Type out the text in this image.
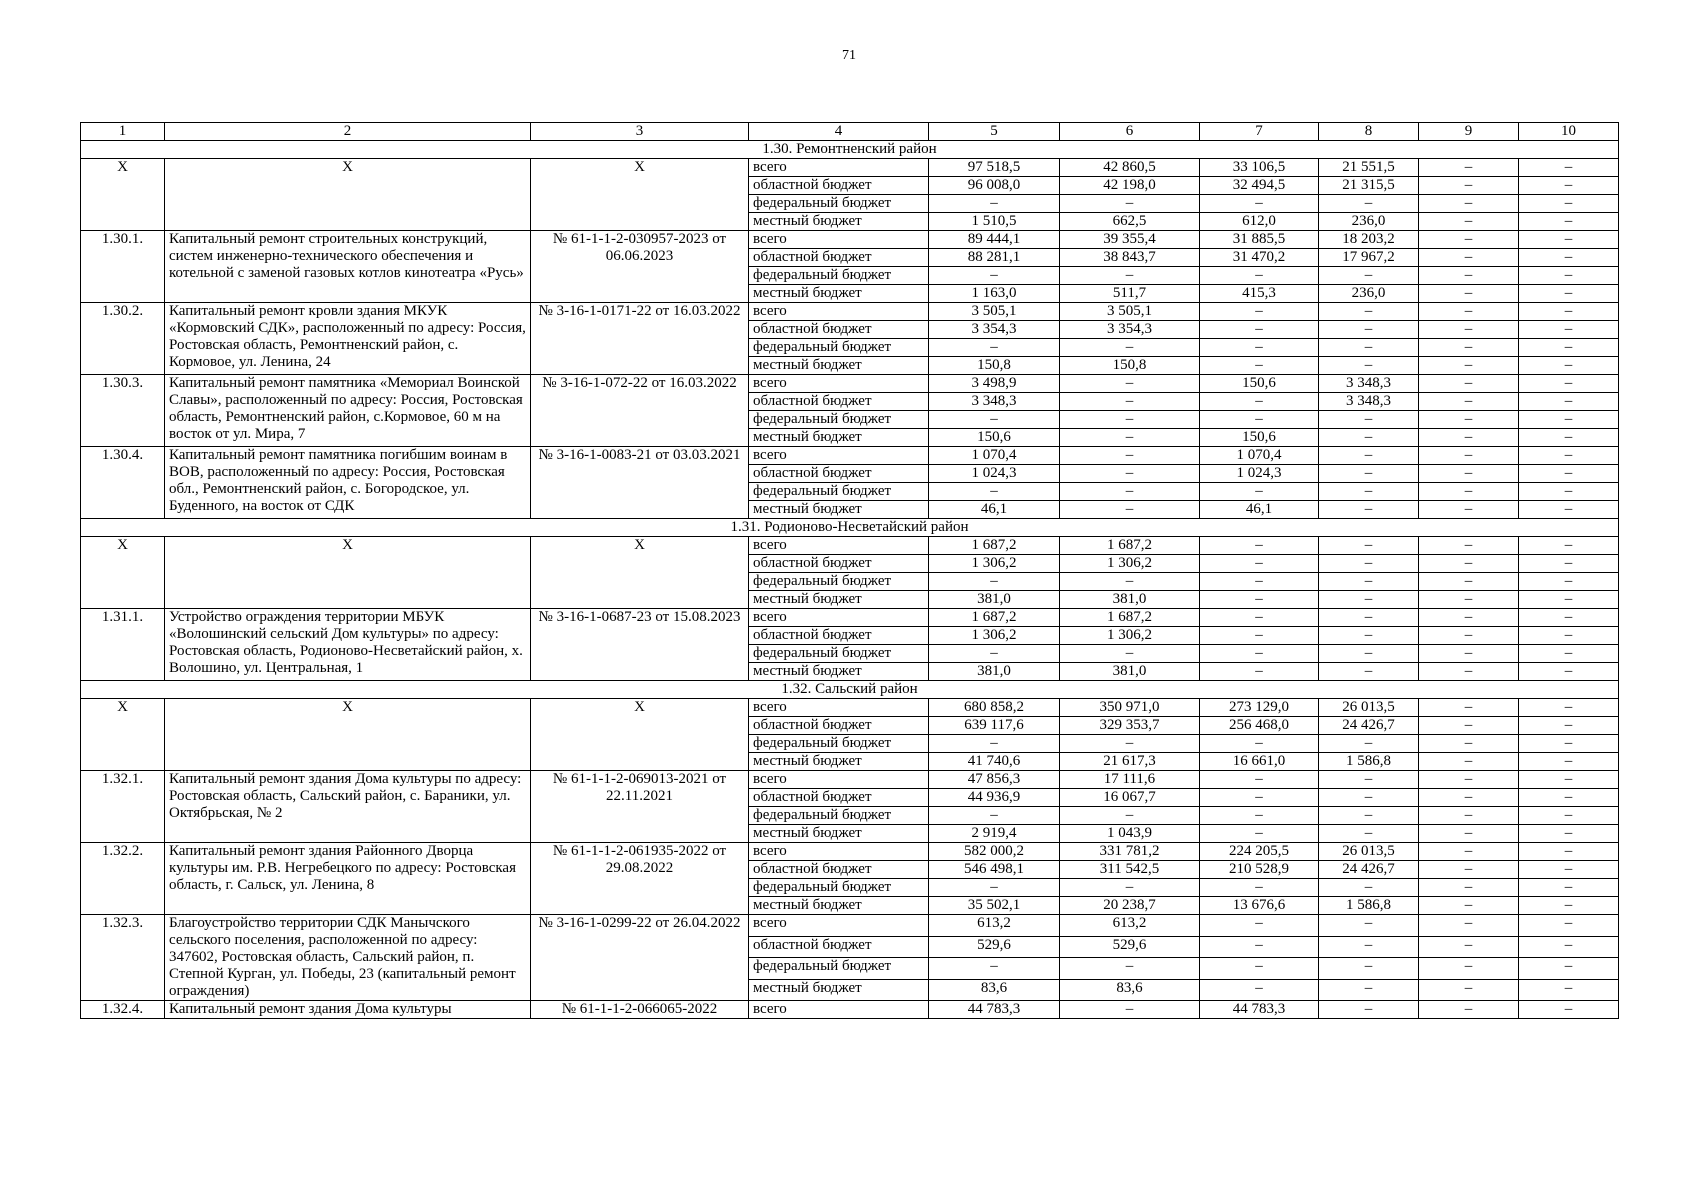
71
1	2	3	4	5	6	7	8	9	10
1.30. Ремонтненский район									
Х	Х	Х	всего	97 518,5	42 860,5	33 106,5	21 551,5	–	–
			областной бюджет	96 008,0	42 198,0	32 494,5	21 315,5	–	–
			федеральный бюджет	–	–	–	–	–	–
			местный бюджет	1 510,5	662,5	612,0	236,0	–	–
1.30.1.	Капитальный ремонт строительных конструкций, систем инженерно-технического обеспечения и котельной с заменой газовых котлов кинотеатра «Русь»	№ 61-1-1-2-030957-2023 от 06.06.2023	всего	89 444,1	39 355,4	31 885,5	18 203,2	–	–
			областной бюджет	88 281,1	38 843,7	31 470,2	17 967,2	–	–
			федеральный бюджет	–	–	–	–	–	–
			местный бюджет	1 163,0	511,7	415,3	236,0	–	–
1.30.2.	Капитальный ремонт кровли здания МКУК «Кормовский СДК», расположенный по адресу: Россия, Ростовская область, Ремонтненский район, с. Кормовое, ул. Ленина, 24	№ 3-16-1-0171-22 от 16.03.2022	всего	3 505,1	3 505,1	–	–	–	–
			областной бюджет	3 354,3	3 354,3	–	–	–	–
			федеральный бюджет	–	–	–	–	–	–
			местный бюджет	150,8	150,8	–	–	–	–
1.30.3.	Капитальный ремонт памятника «Мемориал Воинской Славы», расположенный по адресу: Россия, Ростовская область, Ремонтненский район, с.Кормовое, 60 м на восток от ул. Мира, 7	№ 3-16-1-072-22 от 16.03.2022	всего	3 498,9	–	150,6	3 348,3	–	–
			областной бюджет	3 348,3	–	–	3 348,3	–	–
			федеральный бюджет	–	–	–	–	–	–
			местный бюджет	150,6	–	150,6	–	–	–
1.30.4.	Капитальный ремонт памятника погибшим воинам в ВОВ, расположенный по адресу: Россия, Ростовская обл., Ремонтненский район, с. Богородское, ул. Буденного, на восток от СДК	№ 3-16-1-0083-21 от 03.03.2021	всего	1 070,4	–	1 070,4	–	–	–
			областной бюджет	1 024,3	–	1 024,3	–	–	–
			федеральный бюджет	–	–	–	–	–	–
			местный бюджет	46,1	–	46,1	–	–	–
1.31. Родионово-Несветайский район									
Х	Х	Х	всего	1 687,2	1 687,2	–	–	–	–
			областной бюджет	1 306,2	1 306,2	–	–	–	–
			федеральный бюджет	–	–	–	–	–	–
			местный бюджет	381,0	381,0	–	–	–	–
1.31.1.	Устройство ограждения территории МБУК «Волошинский сельский Дом культуры» по адресу: Ростовская область, Родионово-Несветайский район, х. Волошино, ул. Центральная, 1	№ 3-16-1-0687-23 от 15.08.2023	всего	1 687,2	1 687,2	–	–	–	–
			областной бюджет	1 306,2	1 306,2	–	–	–	–
			федеральный бюджет	–	–	–	–	–	–
			местный бюджет	381,0	381,0	–	–	–	–
1.32. Сальский район									
Х	Х	Х	всего	680 858,2	350 971,0	273 129,0	26 013,5	–	–
			областной бюджет	639 117,6	329 353,7	256 468,0	24 426,7	–	–
			федеральный бюджет	–	–	–	–	–	–
			местный бюджет	41 740,6	21 617,3	16 661,0	1 586,8	–	–
1.32.1.	Капитальный ремонт здания Дома культуры по адресу: Ростовская область, Сальский район, с. Бараники, ул. Октябрьская, № 2	№ 61-1-1-2-069013-2021 от 22.11.2021	всего	47 856,3	17 111,6	–	–	–	–
			областной бюджет	44 936,9	16 067,7	–	–	–	–
			федеральный бюджет	–	–	–	–	–	–
			местный бюджет	2 919,4	1 043,9	–	–	–	–
1.32.2.	Капитальный ремонт здания Районного Дворца культуры им. Р.В. Негребецкого по адресу: Ростовская область, г. Сальск, ул. Ленина, 8	№ 61-1-1-2-061935-2022 от 29.08.2022	всего	582 000,2	331 781,2	224 205,5	26 013,5	–	–
			областной бюджет	546 498,1	311 542,5	210 528,9	24 426,7	–	–
			федеральный бюджет	–	–	–	–	–	–
			местный бюджет	35 502,1	20 238,7	13 676,6	1 586,8	–	–
1.32.3.	Благоустройство территории СДК Манычского сельского поселения, расположенной по адресу: 347602, Ростовская область, Сальский район, п. Степной Курган, ул. Победы, 23 (капитальный ремонт ограждения)	№ 3-16-1-0299-22 от 26.04.2022	всего	613,2	613,2	–	–	–	–
			областной бюджет	529,6	529,6	–	–	–	–
			федеральный бюджет	–	–	–	–	–	–
			местный бюджет	83,6	83,6	–	–	–	–
1.32.4.	Капитальный ремонт здания Дома культуры	№ 61-1-1-2-066065-2022	всего	44 783,3	–	44 783,3	–	–	–
